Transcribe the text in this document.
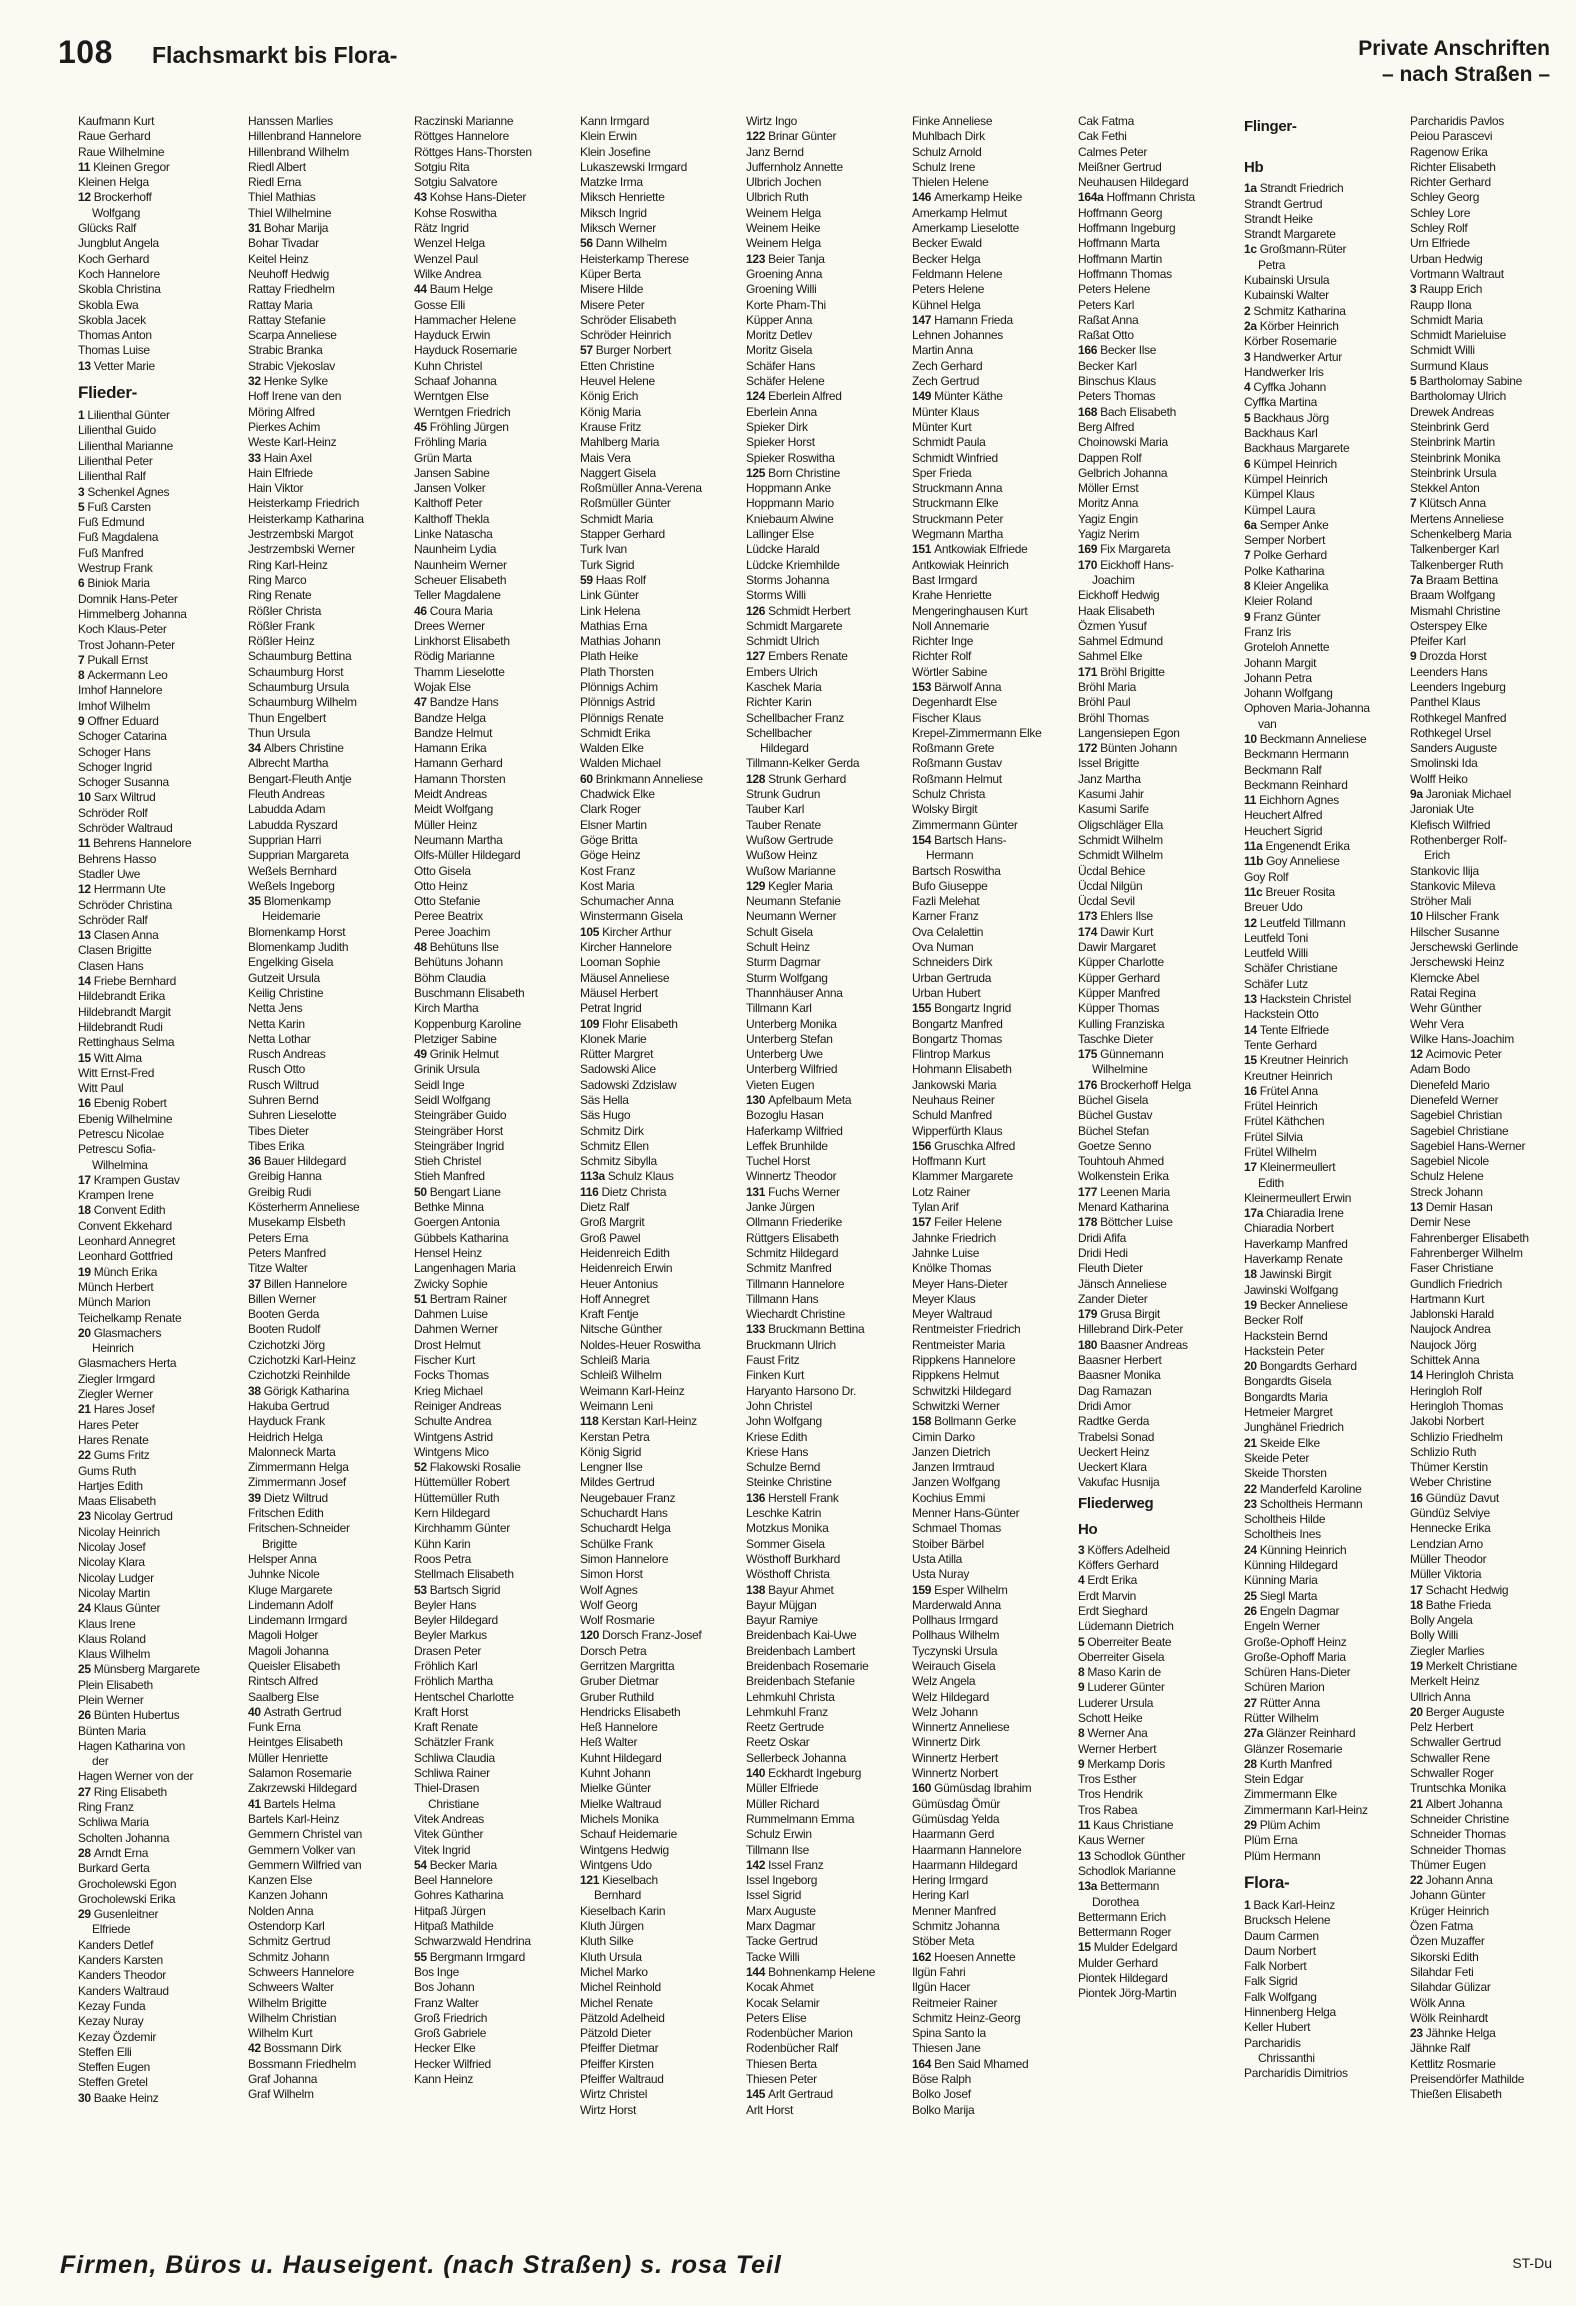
108 Flachsmarkt bis Flora-	Private Anschriften
– nach Straßen –
Kaufmann Kurt
Raue Gerhard
Raue Wilhelmine
11 Kleinen Gregor
Kleinen Helga
12 Brockerhoff
Wolfgang
Glücks Ralf
Jungblut Angela
Koch Gerhard
Koch Hannelore
Skobla Christina
Skobla Ewa
Skobla Jacek
Thomas Anton
Thomas Luise
13 Vetter Marie
Flieder-
1 Lilienthal Günter
Lilienthal Guido
Lilienthal Marianne
Lilienthal Peter
Lilienthal Ralf
3 Schenkel Agnes
5 Fuß Carsten
Fuß Edmund
Fuß Magdalena
Fuß Manfred
Westrup Frank
6 Biniok Maria
Domnik Hans-Peter
Himmelberg Johanna
Koch Klaus-Peter
Trost Johann-Peter
7 Pukall Ernst
8 Ackermann Leo
Imhof Hannelore
Imhof Wilhelm
9 Offner Eduard
Schoger Catarina
Schoger Hans
Schoger Ingrid
Schoger Susanna
10 Sarx Wiltrud
Schröder Rolf
Schröder Waltraud
11 Behrens Hannelore
Behrens Hasso
Stadler Uwe
12 Herrmann Ute
Schröder Christina
Schröder Ralf
13 Clasen Anna
Clasen Brigitte
Clasen Hans
14 Friebe Bernhard
Hildebrandt Erika
Hildebrandt Margit
Hildebrandt Rudi
Rettinghaus Selma
15 Witt Alma
Witt Ernst-Fred
Witt Paul
16 Ebenig Robert
Ebenig Wilhelmine
Petrescu Nicolae
Petrescu Sofia-
Wilhelmina
17 Krampen Gustav
Krampen Irene
18 Convent Edith
Convent Ekkehard
Leonhard Annegret
Leonhard Gottfried
19 Münch Erika
Münch Herbert
Münch Marion
Teichelkamp Renate
20 Glasmachers
Heinrich
Glasmachers Herta
Ziegler Irmgard
Ziegler Werner
21 Hares Josef
Hares Peter
Hares Renate
22 Gums Fritz
Gums Ruth
Hartjes Edith
Maas Elisabeth
23 Nicolay Gertrud
Nicolay Heinrich
Nicolay Josef
Nicolay Klara
Nicolay Ludger
Nicolay Martin
24 Klaus Günter
Klaus Irene
Klaus Roland
Klaus Wilhelm
25 Münsberg Margarete
Plein Elisabeth
Plein Werner
26 Bünten Hubertus
Bünten Maria
Hagen Katharina von
der
Hagen Werner von der
27 Ring Elisabeth
Ring Franz
Schliwa Maria
Scholten Johanna
28 Arndt Erna
Burkard Gerta
Grocholewski Egon
Grocholewski Erika
29 Gusenleitner
Elfriede
Kanders Detlef
Kanders Karsten
Kanders Theodor
Kanders Waltraud
Kezay Funda
Kezay Nuray
Kezay Özdemir
Steffen Elli
Steffen Eugen
Steffen Gretel
30 Baake Heinz
Hanssen Marlies
Hillenbrand Hannelore
Hillenbrand Wilhelm
Riedl Albert
Riedl Erna
Thiel Mathias
Thiel Wilhelmine
31 Bohar Marija
Bohar Tivadar
Keitel Heinz
Neuhoff Hedwig
Rattay Friedhelm
Rattay Maria
Rattay Stefanie
Scarpa Anneliese
Strabic Branka
Strabic Vjekoslav
32 Henke Sylke
Hoff Irene van den
Möring Alfred
Pierkes Achim
Weste Karl-Heinz
33 Hain Axel
Hain Elfriede
Hain Viktor
Heisterkamp Friedrich
Heisterkamp Katharina
Jestrzembski Margot
Jestrzembski Werner
Ring Karl-Heinz
Ring Marco
Ring Renate
Rößler Christa
Rößler Frank
Rößler Heinz
Schaumburg Bettina
Schaumburg Horst
Schaumburg Ursula
Schaumburg Wilhelm
Thun Engelbert
Thun Ursula
34 Albers Christine
Albrecht Martha
Bengart-Fleuth Antje
Fleuth Andreas
Labudda Adam
Labudda Ryszard
Supprian Harri
Supprian Margareta
Weßels Bernhard
Weßels Ingeborg
35 Blomenkamp
Heidemarie
Blomenkamp Horst
Blomenkamp Judith
Engelking Gisela
Gutzeit Ursula
Keilig Christine
Netta Jens
Netta Karin
Netta Lothar
Rusch Andreas
Rusch Otto
Rusch Wiltrud
Suhren Bernd
Suhren Lieselotte
Tibes Dieter
Tibes Erika
36 Bauer Hildegard
Greibig Hanna
Greibig Rudi
Kösterherm Anneliese
Musekamp Elsbeth
Peters Erna
Peters Manfred
Titze Walter
37 Billen Hannelore
Billen Werner
Booten Gerda
Booten Rudolf
Czichotzki Jörg
Czichotzki Karl-Heinz
Czichotzki Reinhilde
38 Görigk Katharina
Hakuba Gertrud
Hayduck Frank
Heidrich Helga
Malonneck Marta
Zimmermann Helga
Zimmermann Josef
39 Dietz Wiltrud
Fritschen Edith
Fritschen-Schneider
Brigitte
Helsper Anna
Juhnke Nicole
Kluge Margarete
Lindemann Adolf
Lindemann Irmgard
Magoli Holger
Magoli Johanna
Queisler Elisabeth
Rintsch Alfred
Saalberg Else
40 Astrath Gertrud
Funk Erna
Heintges Elisabeth
Müller Henriette
Salamon Rosemarie
Zakrzewski Hildegard
41 Bartels Helma
Bartels Karl-Heinz
Gemmern Christel van
Gemmern Volker van
Gemmern Wilfried van
Kanzen Else
Kanzen Johann
Nolden Anna
Ostendorp Karl
Schmitz Gertrud
Schmitz Johann
Schweers Hannelore
Schweers Walter
Wilhelm Brigitte
Wilhelm Christian
Wilhelm Kurt
42 Bossmann Dirk
Bossmann Friedhelm
Graf Johanna
Graf Wilhelm
Raczinski Marianne
Röttges Hannelore
Röttges Hans-Thorsten
Sotgiu Rita
Sotgiu Salvatore
43 Kohse Hans-Dieter
Kohse Roswitha
Rätz Ingrid
Wenzel Helga
Wenzel Paul
Wilke Andrea
44 Baum Helge
Gosse Elli
Hammacher Helene
Hayduck Erwin
Hayduck Rosemarie
Kuhn Christel
Schaaf Johanna
Werntgen Else
Werntgen Friedrich
45 Fröhling Jürgen
Fröhling Maria
Grün Marta
Jansen Sabine
Jansen Volker
Kalthoff Peter
Kalthoff Thekla
Linke Natascha
Naunheim Lydia
Naunheim Werner
Scheuer Elisabeth
Teller Magdalene
46 Coura Maria
Drees Werner
Linkhorst Elisabeth
Rödig Marianne
Thamm Lieselotte
Wojak Else
47 Bandze Hans
Bandze Helga
Bandze Helmut
Hamann Erika
Hamann Gerhard
Hamann Thorsten
Meidt Andreas
Meidt Wolfgang
Müller Heinz
Neumann Martha
Olfs-Müller Hildegard
Otto Gisela
Otto Heinz
Otto Stefanie
Peree Beatrix
Peree Joachim
48 Behütuns Ilse
Behütuns Johann
Böhm Claudia
Buschmann Elisabeth
Kirch Martha
Koppenburg Karoline
Pletziger Sabine
49 Grinik Helmut
Grinik Ursula
Seidl Inge
Seidl Wolfgang
Steingräber Guido
Steingräber Horst
Steingräber Ingrid
Stieh Christel
Stieh Manfred
50 Bengart Liane
Bethke Minna
Goergen Antonia
Gübbels Katharina
Hensel Heinz
Langenhagen Maria
Zwicky Sophie
51 Bertram Rainer
Dahmen Luise
Dahmen Werner
Drost Helmut
Fischer Kurt
Focks Thomas
Krieg Michael
Reiniger Andreas
Schulte Andrea
Wintgens Astrid
Wintgens Mico
52 Flakowski Rosalie
Hüttemüller Robert
Hüttemüller Ruth
Kern Hildegard
Kirchhamm Günter
Kühn Karin
Roos Petra
Stellmach Elisabeth
53 Bartsch Sigrid
Beyler Hans
Beyler Hildegard
Beyler Markus
Drasen Peter
Fröhlich Karl
Fröhlich Martha
Hentschel Charlotte
Kraft Horst
Kraft Renate
Schätzler Frank
Schliwa Claudia
Schliwa Rainer
Thiel-Drasen
Christiane
Vitek Andreas
Vitek Günther
Vitek Ingrid
54 Becker Maria
Beel Hannelore
Gohres Katharina
Hitpaß Jürgen
Hitpaß Mathilde
Schwarzwald Hendrina
55 Bergmann Irmgard
Bos Inge
Bos Johann
Franz Walter
Groß Friedrich
Groß Gabriele
Hecker Elke
Hecker Wilfried
Kann Heinz
Kann Irmgard
Klein Erwin
Klein Josefine
Lukaszewski Irmgard
Matzke Irma
Miksch Henriette
Miksch Ingrid
Miksch Werner
56 Dann Wilhelm
Heisterkamp Therese
Küper Berta
Misere Hilde
Misere Peter
Schröder Elisabeth
Schröder Heinrich
57 Burger Norbert
Etten Christine
Heuvel Helene
König Erich
König Maria
Krause Fritz
Mahlberg Maria
Mais Vera
Naggert Gisela
Roßmüller Anna-Verena
Roßmüller Günter
Schmidt Maria
Stapper Gerhard
Turk Ivan
Turk Sigrid
59 Haas Rolf
Link Günter
Link Helena
Mathias Erna
Mathias Johann
Plath Heike
Plath Thorsten
Plönnigs Achim
Plönnigs Astrid
Plönnigs Renate
Schmidt Erika
Walden Elke
Walden Michael
60 Brinkmann Anneliese
Chadwick Elke
Clark Roger
Elsner Martin
Göge Britta
Göge Heinz
Kost Franz
Kost Maria
Schumacher Anna
Winstermann Gisela
105 Kircher Arthur
Kircher Hannelore
Looman Sophie
Mäusel Anneliese
Mäusel Herbert
Petrat Ingrid
109 Flohr Elisabeth
Klonek Marie
Rütter Margret
Sadowski Alice
Sadowski Zdzislaw
Säs Hella
Säs Hugo
Schmitz Dirk
Schmitz Ellen
Schmitz Sibylla
113a Schulz Klaus
116 Dietz Christa
Dietz Ralf
Groß Margrit
Groß Pawel
Heidenreich Edith
Heidenreich Erwin
Heuer Antonius
Hoff Annegret
Kraft Fentje
Nitsche Günther
Noldes-Heuer Roswitha
Schleiß Maria
Schleiß Wilhelm
Weimann Karl-Heinz
Weimann Leni
118 Kerstan Karl-Heinz
Kerstan Petra
König Sigrid
Lengner Ilse
Mildes Gertrud
Neugebauer Franz
Schuchardt Hans
Schuchardt Helga
Schülke Frank
Simon Hannelore
Simon Horst
Wolf Agnes
Wolf Georg
Wolf Rosmarie
120 Dorsch Franz-Josef
Dorsch Petra
Gerritzen Margritta
Gruber Dietmar
Gruber Ruthild
Hendricks Elisabeth
Heß Hannelore
Heß Walter
Kuhnt Hildegard
Kuhnt Johann
Mielke Günter
Mielke Waltraud
Michels Monika
Schauf Heidemarie
Wintgens Hedwig
Wintgens Udo
121 Kieselbach
Bernhard
Kieselbach Karin
Kluth Jürgen
Kluth Silke
Kluth Ursula
Michel Marko
Michel Reinhold
Michel Renate
Pätzold Adelheid
Pätzold Dieter
Pfeiffer Dietmar
Pfeiffer Kirsten
Pfeiffer Waltraud
Wirtz Christel
Wirtz Horst
Wirtz Ingo
122 Brinar Günter
Janz Bernd
Juffernholz Annette
Ulbrich Jochen
Ulbrich Ruth
Weinem Helga
Weinem Heike
Weinem Helga
123 Beier Tanja
Groening Anna
Groening Willi
Korte Pham-Thi
Küpper Anna
Moritz Detlev
Moritz Gisela
Schäfer Hans
Schäfer Helene
124 Eberlein Alfred
Eberlein Anna
Spieker Dirk
Spieker Horst
Spieker Roswitha
125 Born Christine
Hoppmann Anke
Hoppmann Mario
Kniebaum Alwine
Lallinger Else
Lüdcke Harald
Lüdcke Kriemhilde
Storms Johanna
Storms Willi
126 Schmidt Herbert
Schmidt Margarete
Schmidt Ulrich
127 Embers Renate
Embers Ulrich
Kaschek Maria
Richter Karin
Schellbacher Franz
Schellbacher
Hildegard
Tillmann-Kelker Gerda
128 Strunk Gerhard
Strunk Gudrun
Tauber Karl
Tauber Renate
Wußow Gertrude
Wußow Heinz
Wußow Marianne
129 Kegler Maria
Neumann Stefanie
Neumann Werner
Schult Gisela
Schult Heinz
Sturm Dagmar
Sturm Wolfgang
Thannhäuser Anna
Tillmann Karl
Unterberg Monika
Unterberg Stefan
Unterberg Uwe
Unterberg Wilfried
Vieten Eugen
130 Apfelbaum Meta
Bozoglu Hasan
Haferkamp Wilfried
Leffek Brunhilde
Tuchel Horst
Winnertz Theodor
131 Fuchs Werner
Janke Jürgen
Ollmann Friederike
Rüttgers Elisabeth
Schmitz Hildegard
Schmitz Manfred
Tillmann Hannelore
Tillmann Hans
Wiechardt Christine
133 Bruckmann Bettina
Bruckmann Ulrich
Faust Fritz
Finken Kurt
Haryanto Harsono Dr.
John Christel
John Wolfgang
Kriese Edith
Kriese Hans
Schulze Bernd
Steinke Christine
136 Herstell Frank
Leschke Katrin
Motzkus Monika
Sommer Gisela
Wösthoff Burkhard
Wösthoff Christa
138 Bayur Ahmet
Bayur Müjgan
Bayur Ramiye
Breidenbach Kai-Uwe
Breidenbach Lambert
Breidenbach Rosemarie
Breidenbach Stefanie
Lehmkuhl Christa
Lehmkuhl Franz
Reetz Gertrude
Reetz Oskar
Sellerbeck Johanna
140 Eckhardt Ingeburg
Müller Elfriede
Müller Richard
Rummelmann Emma
Schulz Erwin
Tillmann Ilse
142 Issel Franz
Issel Ingeborg
Issel Sigrid
Marx Auguste
Marx Dagmar
Tacke Gertrud
Tacke Willi
144 Bohnenkamp Helene
Kocak Ahmet
Kocak Selamir
Peters Elise
Rodenbücher Marion
Rodenbücher Ralf
Thiesen Berta
Thiesen Peter
145 Arlt Gertraud
Arlt Horst
Finke Anneliese
Muhlbach Dirk
Schulz Arnold
Schulz Irene
Thielen Helene
146 Amerkamp Heike
Amerkamp Helmut
Amerkamp Lieselotte
Becker Ewald
Becker Helga
Feldmann Helene
Peters Helene
Kühnel Helga
147 Hamann Frieda
Lehnen Johannes
Martin Anna
Zech Gerhard
Zech Gertrud
149 Münter Käthe
Münter Klaus
Münter Kurt
Schmidt Paula
Schmidt Winfried
Sper Frieda
Struckmann Anna
Struckmann Elke
Struckmann Peter
Wegmann Martha
151 Antkowiak Elfriede
Antkowiak Heinrich
Bast Irmgard
Krahe Henriette
Mengeringhausen Kurt
Noll Annemarie
Richter Inge
Richter Rolf
Wörtler Sabine
153 Bärwolf Anna
Degenhardt Else
Fischer Klaus
Krepel-Zimmermann Elke
Roßmann Grete
Roßmann Gustav
Roßmann Helmut
Schulz Christa
Wolsky Birgit
Zimmermann Günter
154 Bartsch Hans-
Hermann
Bartsch Roswitha
Bufo Giuseppe
Fazli Melehat
Karner Franz
Ova Celalettin
Ova Numan
Schneiders Dirk
Urban Gertruda
Urban Hubert
155 Bongartz Ingrid
Bongartz Manfred
Bongartz Thomas
Flintrop Markus
Hohmann Elisabeth
Jankowski Maria
Neuhaus Reiner
Schuld Manfred
Wipperfürth Klaus
156 Gruschka Alfred
Hoffmann Kurt
Klammer Margarete
Lotz Rainer
Tylan Arif
157 Feiler Helene
Jahnke Friedrich
Jahnke Luise
Knölke Thomas
Meyer Hans-Dieter
Meyer Klaus
Meyer Waltraud
Rentmeister Friedrich
Rentmeister Maria
Rippkens Hannelore
Rippkens Helmut
Schwitzki Hildegard
Schwitzki Werner
158 Bollmann Gerke
Cimin Darko
Janzen Dietrich
Janzen Irmtraud
Janzen Wolfgang
Kochius Emmi
Menner Hans-Günter
Schmael Thomas
Stoiber Bärbel
Usta Atilla
Usta Nuray
159 Esper Wilhelm
Marderwald Anna
Pollhaus Irmgard
Pollhaus Wilhelm
Tyczynski Ursula
Weirauch Gisela
Welz Angela
Welz Hildegard
Welz Johann
Winnertz Anneliese
Winnertz Dirk
Winnertz Herbert
Winnertz Norbert
160 Gümüsdag Ibrahim
Gümüsdag Ömür
Gümüsdag Yelda
Haarmann Gerd
Haarmann Hannelore
Haarmann Hildegard
Hering Irmgard
Hering Karl
Menner Manfred
Schmitz Johanna
Stöber Meta
162 Hoesen Annette
Ilgün Fahri
Ilgün Hacer
Reitmeier Rainer
Schmitz Heinz-Georg
Spina Santo la
Thiesen Jane
164 Ben Said Mhamed
Böse Ralph
Bolko Josef
Bolko Marija
Cak Fatma
Cak Fethi
Calmes Peter
Meißner Gertrud
Neuhausen Hildegard
164a Hoffmann Christa
Hoffmann Georg
Hoffmann Ingeburg
Hoffmann Marta
Hoffmann Martin
Hoffmann Thomas
Peters Helene
Peters Karl
Raßat Anna
Raßat Otto
166 Becker Ilse
Becker Karl
Binschus Klaus
Peters Thomas
168 Bach Elisabeth
Berg Alfred
Choinowski Maria
Dappen Rolf
Gelbrich Johanna
Möller Ernst
Moritz Anna
Yagiz Engin
Yagiz Nerim
169 Fix Margareta
170 Eickhoff Hans-
Joachim
Eickhoff Hedwig
Haak Elisabeth
Özmen Yusuf
Sahmel Edmund
Sahmel Elke
171 Bröhl Brigitte
Bröhl Maria
Bröhl Paul
Bröhl Thomas
Langensiepen Egon
172 Bünten Johann
Issel Brigitte
Janz Martha
Kasumi Jahir
Kasumi Sarife
Oligschläger Ella
Schmidt Wilhelm
Schmidt Wilhelm
Ücdal Behice
Ücdal Nilgün
Ücdal Sevil
173 Ehlers Ilse
174 Dawir Kurt
Dawir Margaret
Küpper Charlotte
Küpper Gerhard
Küpper Manfred
Küpper Thomas
Kulling Franziska
Taschke Dieter
175 Günnemann
Wilhelmine
176 Brockerhoff Helga
Büchel Gisela
Büchel Gustav
Büchel Stefan
Goetze Senno
Touhtouh Ahmed
Wolkenstein Erika
177 Leenen Maria
Menard Katharina
178 Böttcher Luise
Dridi Afifa
Dridi Hedi
Fleuth Dieter
Jänsch Anneliese
Zander Dieter
179 Grusa Birgit
Hillebrand Dirk-Peter
180 Baasner Andreas
Baasner Herbert
Baasner Monika
Dag Ramazan
Dridi Amor
Radtke Gerda
Trabelsi Sonad
Ueckert Heinz
Ueckert Klara
Vakufac Husnija
Fliederweg
Ho
3 Köffers Adelheid
Köffers Gerhard
4 Erdt Erika
Erdt Marvin
Erdt Sieghard
Lüdemann Dietrich
5 Oberreiter Beate
Oberreiter Gisela
8 Maso Karin de
9 Luderer Günter
Luderer Ursula
Schott Heike
8 Werner Ana
Werner Herbert
9 Merkamp Doris
Tros Esther
Tros Hendrik
Tros Rabea
11 Kaus Christiane
Kaus Werner
13 Schodlok Günther
Schodlok Marianne
13a Bettermann
Dorothea
Bettermann Erich
Bettermann Roger
15 Mulder Edelgard
Mulder Gerhard
Piontek Hildegard
Piontek Jörg-Martin
Flinger-
Hb
1a Strandt Friedrich
Strandt Gertrud
Strandt Heike
Strandt Margarete
1c Großmann-Rüter
Petra
Kubainski Ursula
Kubainski Walter
2 Schmitz Katharina
2a Körber Heinrich
Körber Rosemarie
3 Handwerker Artur
Handwerker Iris
4 Cyffka Johann
Cyffka Martina
5 Backhaus Jörg
Backhaus Karl
Backhaus Margarete
6 Kümpel Heinrich
Kümpel Heinrich
Kümpel Klaus
Kümpel Laura
6a Semper Anke
Semper Norbert
7 Polke Gerhard
Polke Katharina
8 Kleier Angelika
Kleier Roland
9 Franz Günter
Franz Iris
Groteloh Annette
Johann Margit
Johann Petra
Johann Wolfgang
Ophoven Maria-Johanna
van
10 Beckmann Anneliese
Beckmann Hermann
Beckmann Ralf
Beckmann Reinhard
11 Eichhorn Agnes
Heuchert Alfred
Heuchert Sigrid
11a Engenendt Erika
11b Goy Anneliese
Goy Rolf
11c Breuer Rosita
Breuer Udo
12 Leutfeld Tillmann
Leutfeld Toni
Leutfeld Willi
Schäfer Christiane
Schäfer Lutz
13 Hackstein Christel
Hackstein Otto
14 Tente Elfriede
Tente Gerhard
15 Kreutner Heinrich
Kreutner Heinrich
16 Frütel Anna
Frütel Heinrich
Frütel Käthchen
Frütel Silvia
Frütel Wilhelm
17 Kleinermeullert
Edith
Kleinermeullert Erwin
17a Chiaradia Irene
Chiaradia Norbert
Haverkamp Manfred
Haverkamp Renate
18 Jawinski Birgit
Jawinski Wolfgang
19 Becker Anneliese
Becker Rolf
Hackstein Bernd
Hackstein Peter
20 Bongardts Gerhard
Bongardts Gisela
Bongardts Maria
Hetmeier Margret
Junghänel Friedrich
21 Skeide Elke
Skeide Peter
Skeide Thorsten
22 Manderfeld Karoline
23 Scholtheis Hermann
Scholtheis Hilde
Scholtheis Ines
24 Künning Heinrich
Künning Hildegard
Künning Maria
25 Siegl Marta
26 Engeln Dagmar
Engeln Werner
Große-Ophoff Heinz
Große-Ophoff Maria
Schüren Hans-Dieter
Schüren Marion
27 Rütter Anna
Rütter Wilhelm
27a Glänzer Reinhard
Glänzer Rosemarie
28 Kurth Manfred
Stein Edgar
Zimmermann Elke
Zimmermann Karl-Heinz
29 Plüm Achim
Plüm Erna
Plüm Hermann
Flora-
1 Back Karl-Heinz
Brucksch Helene
Daum Carmen
Daum Norbert
Falk Norbert
Falk Sigrid
Falk Wolfgang
Hinnenberg Helga
Keller Hubert
Parcharidis
Chrissanthi
Parcharidis Dimitrios
Parcharidis Pavlos
Peiou Parascevi
Ragenow Erika
Richter Elisabeth
Richter Gerhard
Schley Georg
Schley Lore
Schley Rolf
Urn Elfriede
Urban Hedwig
Vortmann Waltraut
3 Raupp Erich
Raupp Ilona
Schmidt Maria
Schmidt Marieluise
Schmidt Willi
Surmund Klaus
5 Bartholomay Sabine
Bartholomay Ulrich
Drewek Andreas
Steinbrink Gerd
Steinbrink Martin
Steinbrink Monika
Steinbrink Ursula
Stekkel Anton
7 Klütsch Anna
Mertens Anneliese
Schenkelberg Maria
Talkenberger Karl
Talkenberger Ruth
7a Braam Bettina
Braam Wolfgang
Mismahl Christine
Osterspey Elke
Pfeifer Karl
9 Drozda Horst
Leenders Hans
Leenders Ingeburg
Panthel Klaus
Rothkegel Manfred
Rothkegel Ursel
Sanders Auguste
Smolinski Ida
Wolff Heiko
9a Jaroniak Michael
Jaroniak Ute
Klefisch Wilfried
Rothenberger Rolf-
Erich
Stankovic Ilija
Stankovic Mileva
Ströher Mali
10 Hilscher Frank
Hilscher Susanne
Jerschewski Gerlinde
Jerschewski Heinz
Klemcke Abel
Ratai Regina
Wehr Günther
Wehr Vera
Wilke Hans-Joachim
12 Acimovic Peter
Adam Bodo
Dienefeld Mario
Dienefeld Werner
Sagebiel Christian
Sagebiel Christiane
Sagebiel Hans-Werner
Sagebiel Nicole
Schulz Helene
Streck Johann
13 Demir Hasan
Demir Nese
Fahrenberger Elisabeth
Fahrenberger Wilhelm
Faser Christiane
Gundlich Friedrich
Hartmann Kurt
Jablonski Harald
Naujock Andrea
Naujock Jörg
Schittek Anna
14 Heringloh Christa
Heringloh Rolf
Heringloh Thomas
Jakobi Norbert
Schlizio Friedhelm
Schlizio Ruth
Thümer Kerstin
Weber Christine
16 Gündüz Davut
Gündüz Selviye
Hennecke Erika
Lendzian Arno
Müller Theodor
Müller Viktoria
17 Schacht Hedwig
18 Bathe Frieda
Bolly Angela
Bolly Willi
Ziegler Marlies
19 Merkelt Christiane
Merkelt Heinz
Ullrich Anna
20 Berger Auguste
Pelz Herbert
Schwaller Gertrud
Schwaller Rene
Schwaller Roger
Truntschka Monika
21 Albert Johanna
Schneider Christine
Schneider Thomas
Schneider Thomas
Thümer Eugen
22 Johann Anna
Johann Günter
Krüger Heinrich
Özen Fatma
Özen Muzaffer
Sikorski Edith
Silahdar Feti
Silahdar Gülizar
Wölk Anna
Wölk Reinhardt
23 Jähnke Helga
Jähnke Ralf
Kettlitz Rosmarie
Preisendörfer Mathilde
Thießen Elisabeth
Firmen, Büros u. Hauseigent. (nach Straßen) s. rosa Teil	ST-Du
